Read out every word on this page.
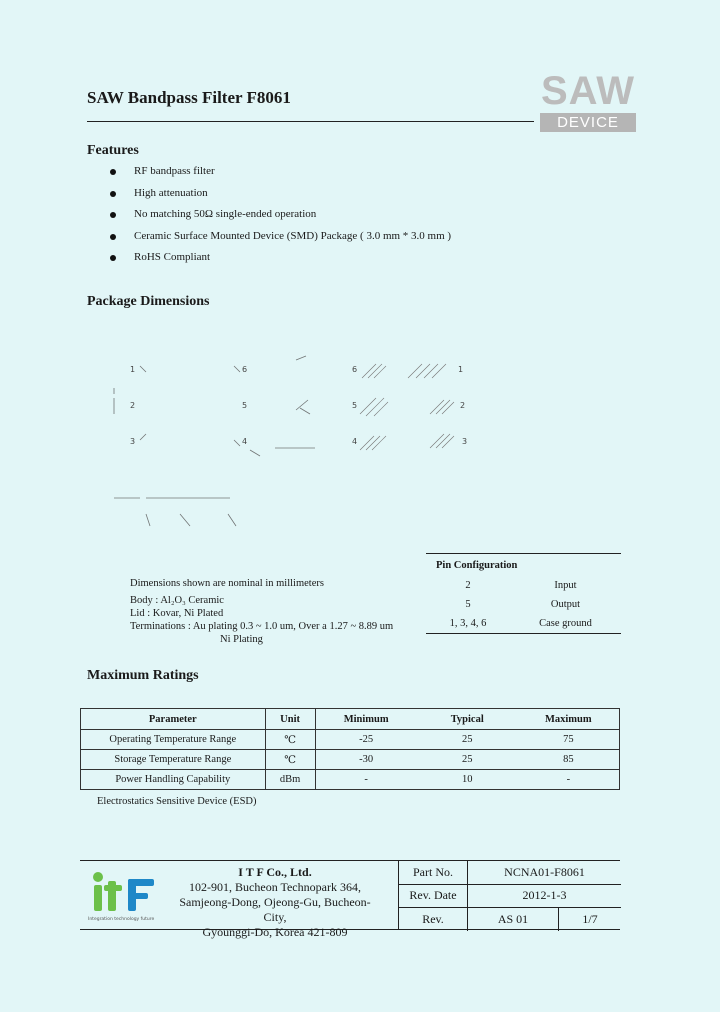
SAW Bandpass Filter F8061	SAW
DEVICE
Features
RF bandpass filter
High attenuation
No matching 50Ω single-ended operation
Ceramic Surface Mounted Device (SMD) Package ( 3.0 mm * 3.0 mm )
RoHS Compliant
Package Dimensions
1
2
3
6
5
4
6
5
4
1
2
3
Dimensions shown are nominal in millimeters
Body : Al₂O₃ Ceramic
Lid : Kovar, Ni Plated
Terminations : Au plating 0.3 ~ 1.0 um, Over a 1.27 ~ 8.89 um
Ni Plating
Pin Configuration
2	Input
5	Output
1, 3, 4, 6	Case ground
Maximum Ratings
Parameter	Unit	Minimum	Typical	Maximum
Operating Temperature Range	℃	-25	25	75
Storage Temperature Range	℃	-30	25	85
Power Handling Capability	dBm	-	10	-
Electrostatics Sensitive Device (ESD)
Integration technology future
I T F Co., Ltd.
102-901, Bucheon Technopark 364,
Samjeong-Dong, Ojeong-Gu, Bucheon-City,
Gyounggi-Do, Korea 421-809
Part No.	NCNA01-F8061
Rev. Date	2012-1-3
Rev.	AS 01	1/7
